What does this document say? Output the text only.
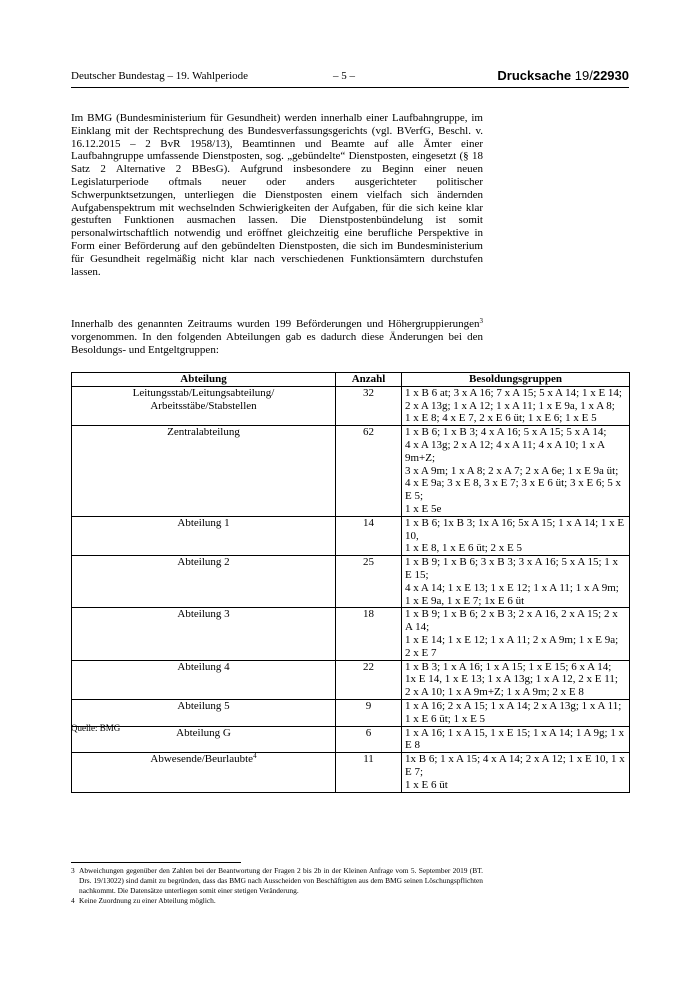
Deutscher Bundestag – 19. Wahlperiode	– 5 –	Drucksache 19/22930

Im BMG (Bundesministerium für Gesundheit) werden innerhalb einer Laufbahngruppe, im Einklang mit der Rechtsprechung des Bundesverfassungsgerichts (vgl. BVerfG, Beschl. v. 16.12.2015 – 2 BvR 1958/13), Beamtinnen und Beamte auf alle Ämter einer Laufbahngruppe umfassende Dienstposten, sog. „gebündelte“ Dienstposten, eingesetzt (§ 18 Satz 2 Alternative 2 BBesG). Aufgrund insbesondere zu Beginn einer neuen Legislaturperiode oftmals neuer oder anders ausgerichteter politischer Schwerpunktsetzungen, unterliegen die Dienstposten einem vielfach sich ändernden Aufgabenspektrum mit wechselnden Schwierigkeiten der Aufgaben, für die sich keine klar gestuften Funktionen ausmachen lassen. Die Dienstpostenbündelung ist somit personalwirtschaftlich notwendig und eröffnet gleichzeitig eine berufliche Perspektive in Form einer Beförderung auf den gebündelten Dienstposten, die sich im Bundesministerium für Gesundheit regelmäßig nicht klar nach verschiedenen Funktionsämtern durchstufen lassen.

Innerhalb des genannten Zeitraums wurden 199 Beförderungen und Höhergruppierungen$^3$ vorgenommen. In den folgenden Abteilungen gab es dadurch diese Änderungen bei den Besoldungs- und Entgeltgruppen:

Abteilung	Anzahl	Besoldungsgruppen
Leitungsstab/Leitungsabteilung/
Arbeitsstäbe/Stabstellen	32	1 x B 6 at; 3 x A 16; 7 x A 15; 5 x A 14; 1 x E 14;
2 x A 13g; 1 x A 12; 1 x A 11; 1 x E 9a, 1 x A 8;
1 x E 8; 4 x E 7, 2 x E 6 üt; 1 x E 6; 1 x E 5
Zentralabteilung	62	1 x B 6; 1 x B 3; 4 x A 16; 5 x A 15; 5 x A 14;
4 x A 13g; 2 x A 12; 4 x A 11; 4 x A 10; 1 x A 9m+Z;
3 x A 9m; 1 x A 8; 2 x A 7; 2 x A 6e; 1 x E 9a üt;
4 x E 9a; 3 x E 8, 3 x E 7; 3 x E 6 üt; 3 x E 6; 5 x E 5;
1 x E 5e
Abteilung 1	14	1 x B 6; 1x B 3; 1x A 16; 5x A 15; 1 x A 14; 1 x E 10,
1 x E 8, 1 x E 6 üt; 2 x E 5
Abteilung 2	25	1 x B 9; 1 x B 6; 3 x B 3; 3 x A 16; 5 x A 15; 1 x E 15;
4 x A 14; 1 x E 13; 1 x E 12; 1 x A 11; 1 x A 9m;
1 x E 9a, 1 x E 7; 1x E 6 üt
Abteilung 3	18	1 x B 9; 1 x B 6; 2 x B 3; 2 x A 16, 2 x A 15; 2 x A 14;
1 x E 14; 1 x E 12; 1 x A 11; 2 x A 9m; 1 x E 9a; 2 x E 7
Abteilung 4	22	1 x B 3; 1 x A 16; 1 x A 15; 1 x E 15; 6 x A 14;
1x E 14, 1 x E 13; 1 x A 13g; 1 x A 12, 2 x E 11;
2 x A 10; 1 x A 9m+Z; 1 x A 9m; 2 x E 8
Abteilung 5	9	1 x A 16; 2 x A 15; 1 x A 14; 2 x A 13g; 1 x A 11;
1 x E 6 üt; 1 x E 5
Abteilung G	6	1 x A 16; 1 x A 15, 1 x E 15; 1 x A 14; 1 A 9g; 1 x E 8
Abwesende/Beurlaubte$^4$	11	1x B 6; 1 x A 15; 4 x A 14; 2 x A 12; 1 x E 10, 1 x E 7;
1 x E 6 üt
Quelle: BMG
3 Abweichungen gegenüber den Zahlen bei der Beantwortung der Fragen 2 bis 2b in der Kleinen Anfrage vom 5. September 2019 (BT. Drs. 19/13022) sind damit zu begründen, dass das BMG nach Ausscheiden von Beschäftigten aus dem BMG seinen Löschungspflichten nachkommt. Die Datensätze unterliegen somit einer stetigen Veränderung.
4 Keine Zuordnung zu einer Abteilung möglich.
